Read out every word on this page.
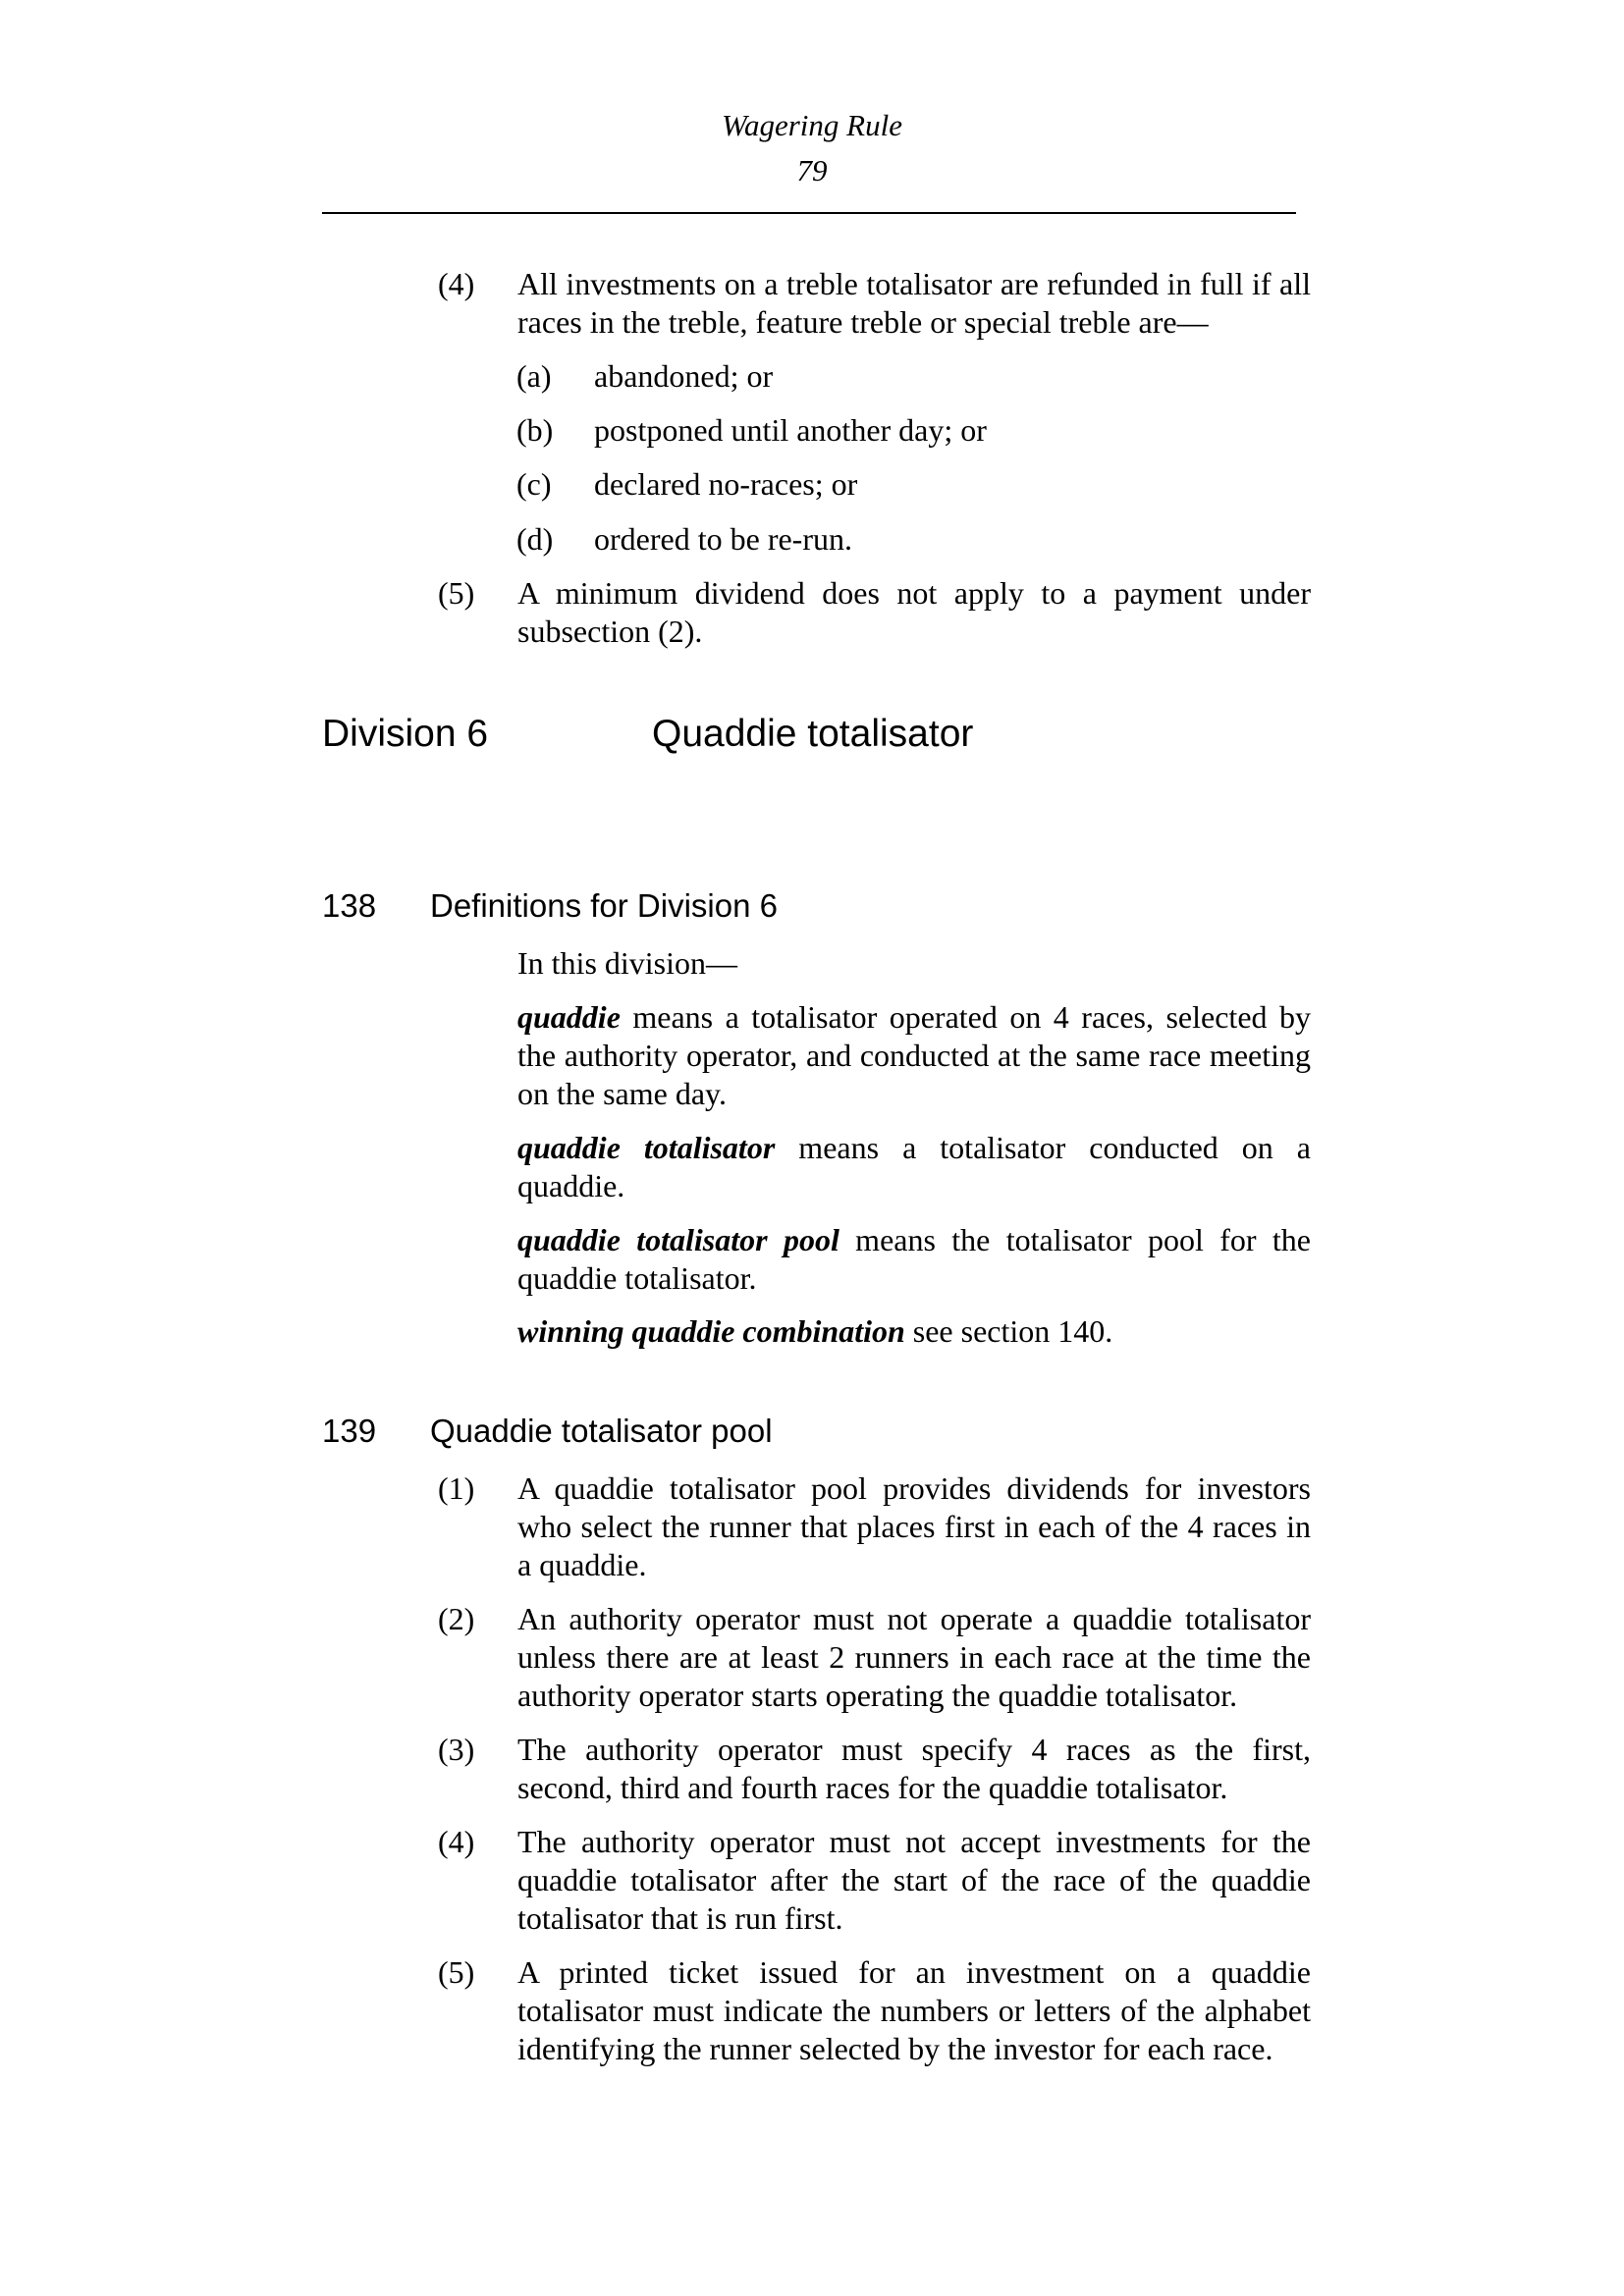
Wagering Rule
79
(4) All investments on a treble totalisator are refunded in full if all races in the treble, feature treble or special treble are—
(a) abandoned; or
(b) postponed until another day; or
(c) declared no-races; or
(d) ordered to be re-run.
(5) A minimum dividend does not apply to a payment under subsection (2).
Division 6	Quaddie totalisator
138 Definitions for Division 6
In this division—
quaddie means a totalisator operated on 4 races, selected by the authority operator, and conducted at the same race meeting on the same day.
quaddie totalisator means a totalisator conducted on a quaddie.
quaddie totalisator pool means the totalisator pool for the quaddie totalisator.
winning quaddie combination see section 140.
139 Quaddie totalisator pool
(1) A quaddie totalisator pool provides dividends for investors who select the runner that places first in each of the 4 races in a quaddie.
(2) An authority operator must not operate a quaddie totalisator unless there are at least 2 runners in each race at the time the authority operator starts operating the quaddie totalisator.
(3) The authority operator must specify 4 races as the first, second, third and fourth races for the quaddie totalisator.
(4) The authority operator must not accept investments for the quaddie totalisator after the start of the race of the quaddie totalisator that is run first.
(5) A printed ticket issued for an investment on a quaddie totalisator must indicate the numbers or letters of the alphabet identifying the runner selected by the investor for each race.
